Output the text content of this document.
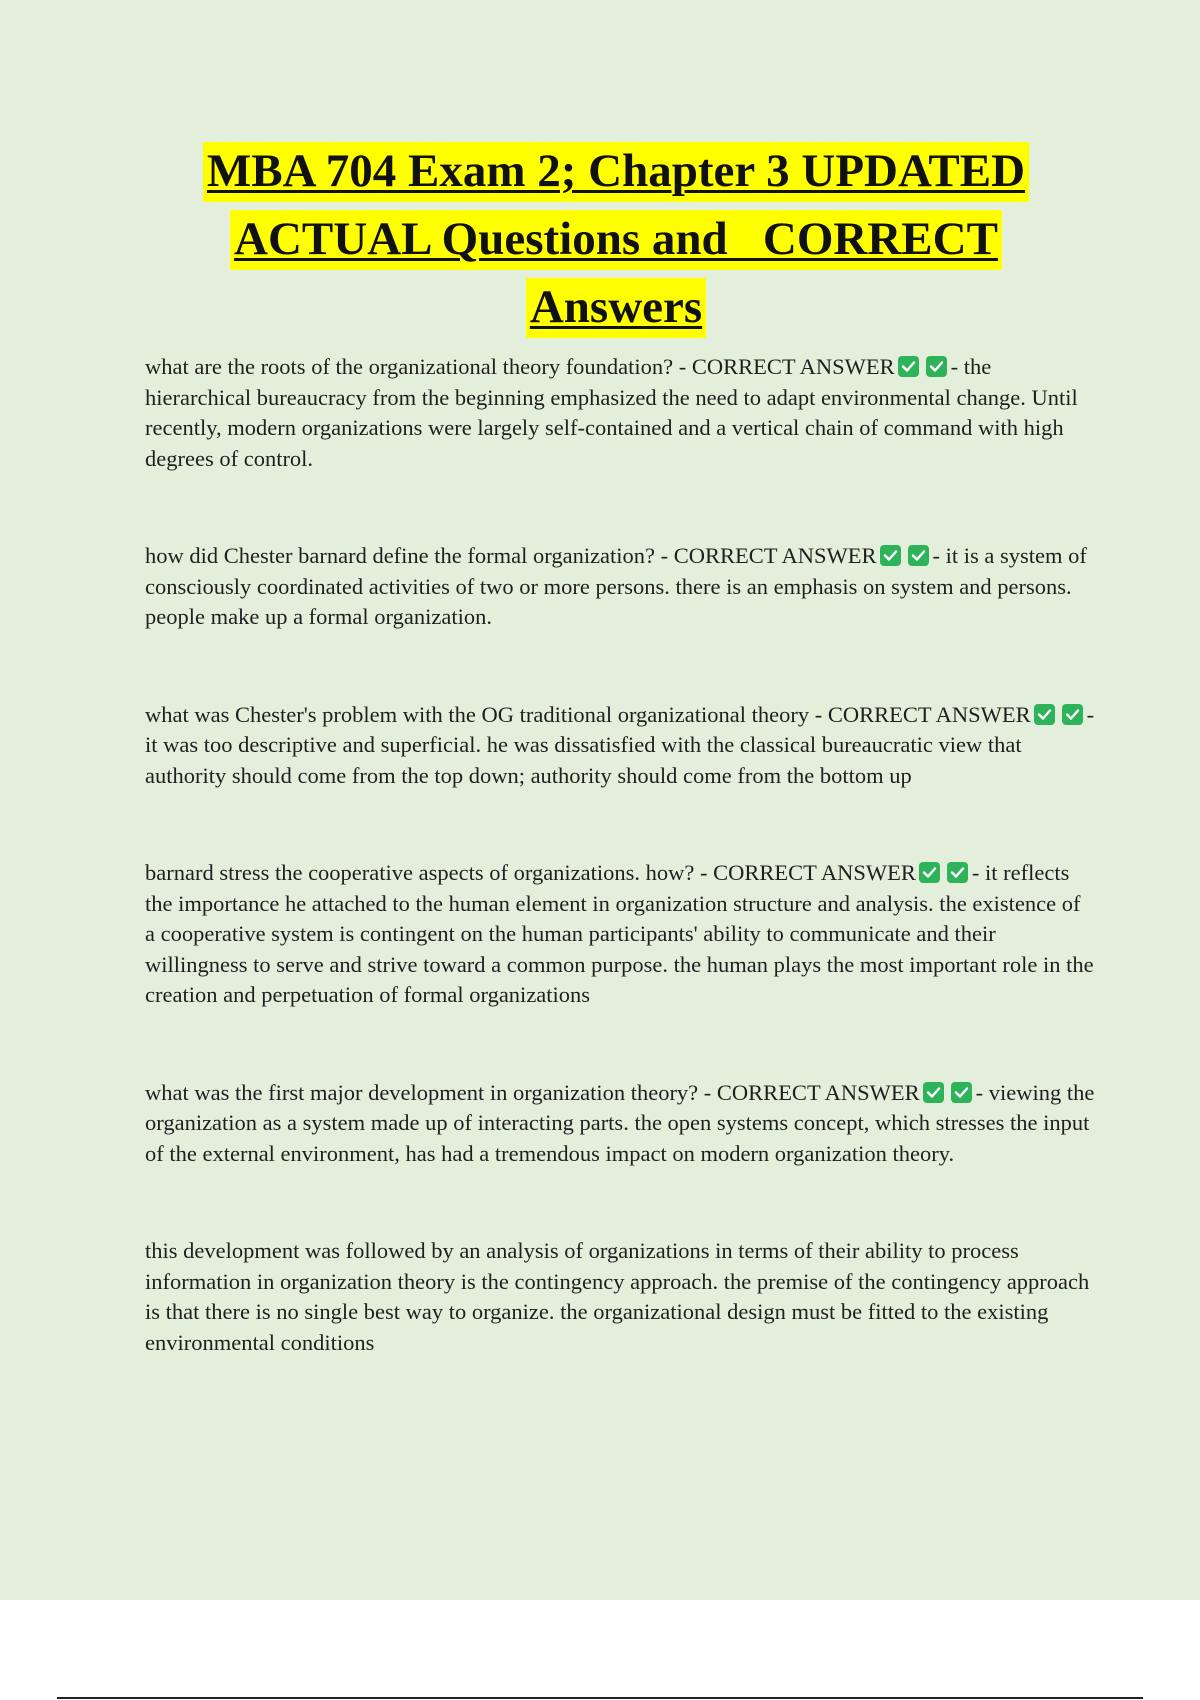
MBA 704 Exam 2; Chapter 3 UPDATED
ACTUAL Questions and   CORRECT
Answers

what are the roots of the organizational theory foundation? - CORRECT ANSWER - the hierarchical bureaucracy from the beginning emphasized the need to adapt environmental change. Until recently, modern organizations were largely self-contained and a vertical chain of command with high degrees of control.

how did Chester barnard define the formal organization? - CORRECT ANSWER - it is a system of consciously coordinated activities of two or more persons. there is an emphasis on system and persons. people make up a formal organization.

what was Chester's problem with the OG traditional organizational theory - CORRECT ANSWER - it was too descriptive and superficial. he was dissatisfied with the classical bureaucratic view that authority should come from the top down; authority should come from the bottom up

barnard stress the cooperative aspects of organizations. how? - CORRECT ANSWER - it reflects the importance he attached to the human element in organization structure and analysis. the existence of a cooperative system is contingent on the human participants' ability to communicate and their willingness to serve and strive toward a common purpose. the human plays the most important role in the creation and perpetuation of formal organizations

what was the first major development in organization theory? - CORRECT ANSWER - viewing the organization as a system made up of interacting parts. the open systems concept, which stresses the input of the external environment, has had a tremendous impact on modern organization theory.

this development was followed by an analysis of organizations in terms of their ability to process information in organization theory is the contingency approach. the premise of the contingency approach is that there is no single best way to organize. the organizational design must be fitted to the existing environmental conditions
